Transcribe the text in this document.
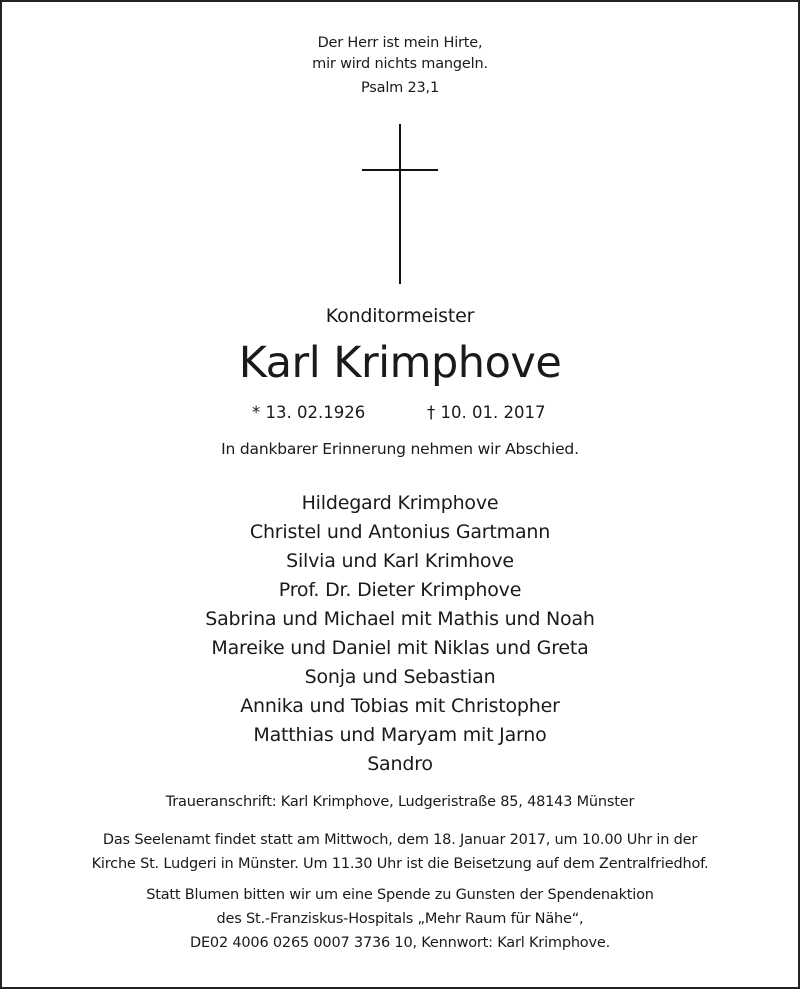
Der Herr ist mein Hirte,
mir wird nichts mangeln.
Psalm 23,1
Konditormeister
Karl Krimphove
* 13. 02.1926	† 10. 01. 2017
In dankbarer Erinnerung nehmen wir Abschied.
Hildegard Krimphove
Christel und Antonius Gartmann
Silvia und Karl Krimhove
Prof. Dr. Dieter Krimphove
Sabrina und Michael mit Mathis und Noah
Mareike und Daniel mit Niklas und Greta
Sonja und Sebastian
Annika und Tobias mit Christopher
Matthias und Maryam mit Jarno
Sandro
Traueranschrift: Karl Krimphove, Ludgeristraße 85, 48143 Münster
Das Seelenamt findet statt am Mittwoch, dem 18. Januar 2017, um 10.00 Uhr in der
Kirche St. Ludgeri in Münster. Um 11.30 Uhr ist die Beisetzung auf dem Zentralfriedhof.
Statt Blumen bitten wir um eine Spende zu Gunsten der Spendenaktion
des St.-Franziskus-Hospitals „Mehr Raum für Nähe“,
DE02 4006 0265 0007 3736 10, Kennwort: Karl Krimphove.
